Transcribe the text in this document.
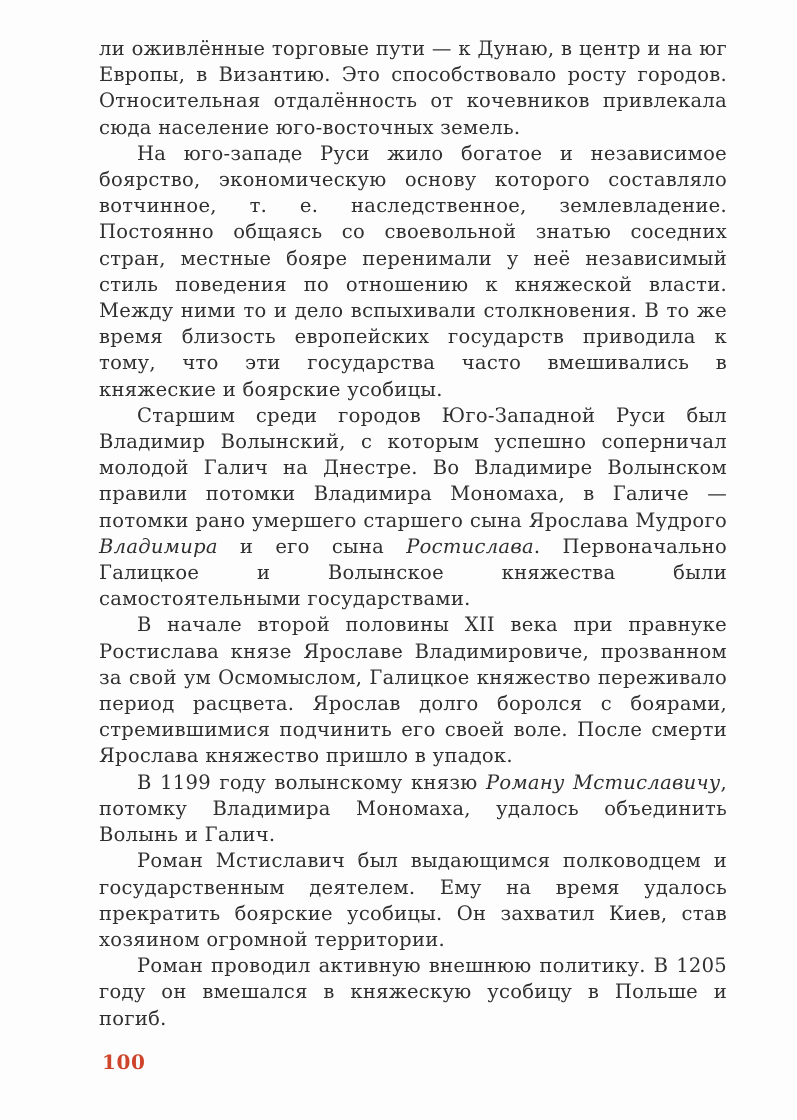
ли оживлённые торговые пути — к Дунаю, в центр и на юг Европы, в Византию. Это способствовало росту городов. Относительная отдалённость от кочевников привлекала сюда население юго-восточных земель.

На юго-западе Руси жило богатое и независимое боярство, экономическую основу которого составляло вотчинное, т. е. наследственное, землевладение. Постоянно общаясь со своевольной знатью соседних стран, местные бояре перенимали у неё независимый стиль поведения по отношению к княжеской власти. Между ними то и дело вспыхивали столкновения. В то же время близость европейских государств приводила к тому, что эти государства часто вмешивались в княжеские и боярские усобицы.

Старшим среди городов Юго-Западной Руси был Владимир Волынский, с которым успешно соперничал молодой Галич на Днестре. Во Владимире Волынском правили потомки Владимира Мономаха, в Галиче — потомки рано умершего старшего сына Ярослава Мудрого Владимира и его сына Ростислава. Первоначально Галицкое и Волынское княжества были самостоятельными государствами.

В начале второй половины XII века при правнуке Ростислава князе Ярославе Владимировиче, прозванном за свой ум Осмомыслом, Галицкое княжество переживало период расцвета. Ярослав долго боролся с боярами, стремившимися подчинить его своей воле. После смерти Ярослава княжество пришло в упадок.

В 1199 году волынскому князю Роману Мстиславичу, потомку Владимира Мономаха, удалось объединить Волынь и Галич.

Роман Мстиславич был выдающимся полководцем и государственным деятелем. Ему на время удалось прекратить боярские усобицы. Он захватил Киев, став хозяином огромной территории.

Роман проводил активную внешнюю политику. В 1205 году он вмешался в княжескую усобицу в Польше и погиб.

100
